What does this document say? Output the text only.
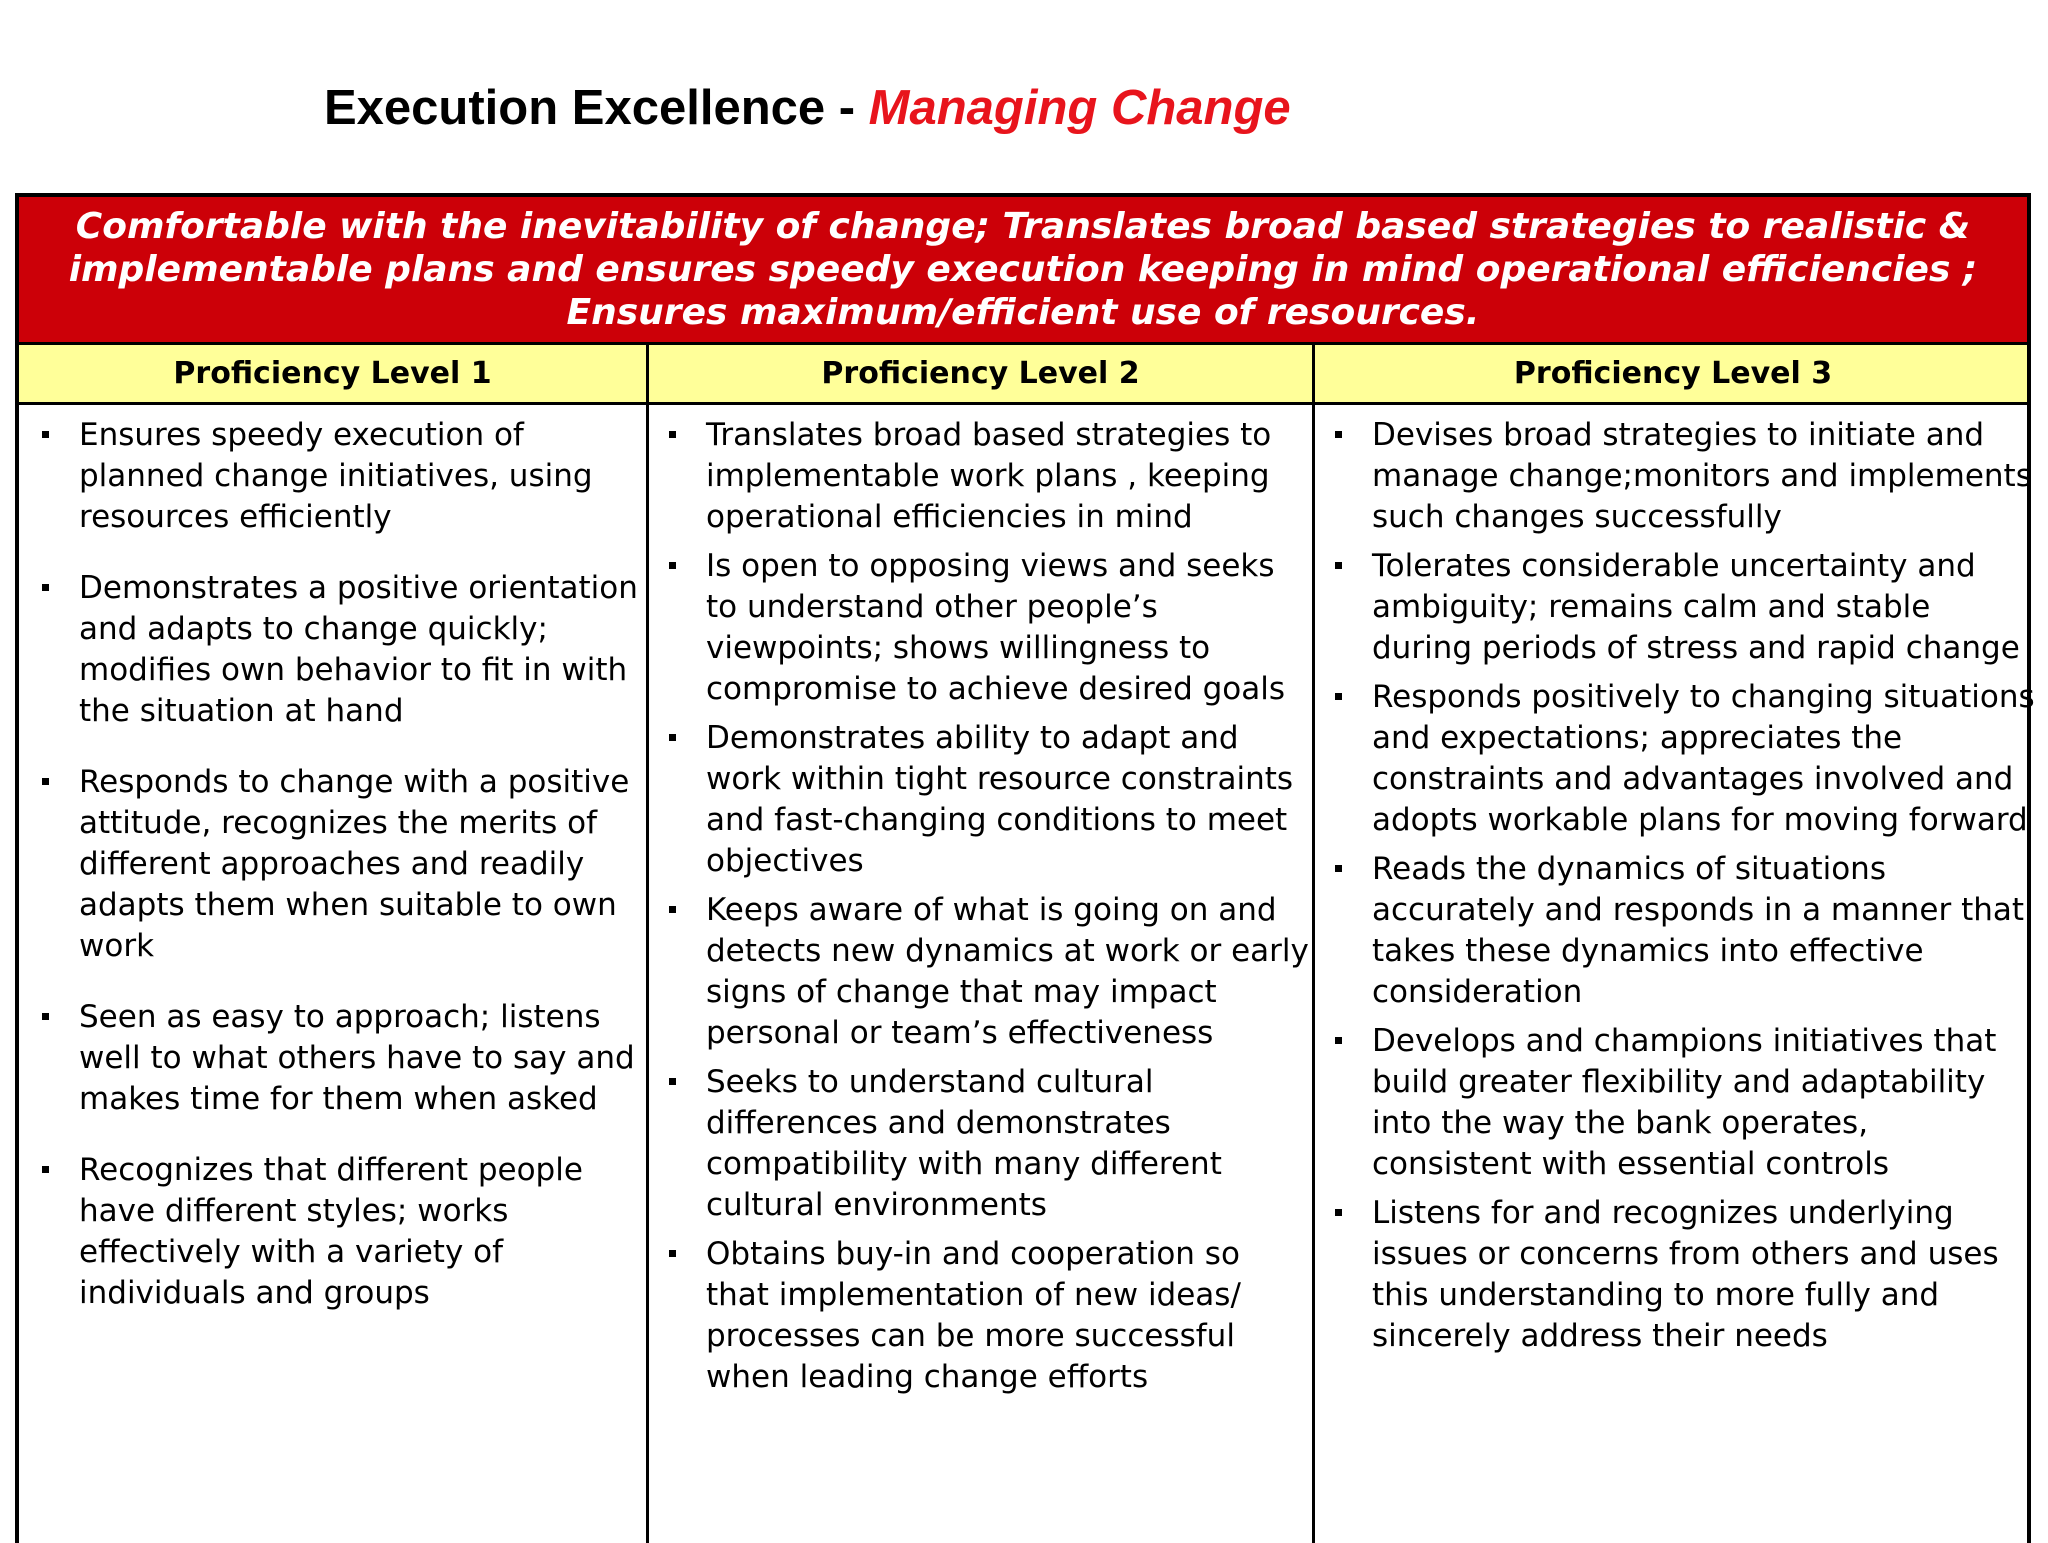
Execution Excellence - Managing Change
Comfortable with the inevitability of change; Translates broad based strategies to realistic &
implementable plans and ensures speedy execution keeping in mind operational efficiencies ;
Ensures maximum/efficient use of resources.
Proficiency Level 1	Proficiency Level 2	Proficiency Level 3
Ensures speedy execution of
planned change initiatives, using
resources efficiently
Demonstrates a positive orientation
and adapts to change quickly;
modifies own behavior to fit in with
the situation at hand
Responds to change with a positive
attitude, recognizes the merits of
different approaches and readily
adapts them when suitable to own
work
Seen as easy to approach; listens
well to what others have to say and
makes time for them when asked
Recognizes that different people
have different styles; works
effectively with a variety of
individuals and groups
Translates broad based strategies to
implementable work plans , keeping
operational efficiencies in mind
Is open to opposing views and seeks
to understand other people’s
viewpoints; shows willingness to
compromise to achieve desired goals
Demonstrates ability to adapt and
work within tight resource constraints
and fast-changing conditions to meet
objectives
Keeps aware of what is going on and
detects new dynamics at work or early
signs of change that may impact
personal or team’s effectiveness
Seeks to understand cultural
differences and demonstrates
compatibility with many different
cultural environments
Obtains buy-in and cooperation so
that implementation of new ideas/
processes can be more successful
when leading change efforts
Devises broad strategies to initiate and
manage change;monitors and implements
such changes successfully
Tolerates considerable uncertainty and
ambiguity; remains calm and stable
during periods of stress and rapid change
Responds positively to changing situations
and expectations; appreciates the
constraints and advantages involved and
adopts workable plans for moving forward
Reads the dynamics of situations
accurately and responds in a manner that
takes these dynamics into effective
consideration
Develops and champions initiatives that
build greater flexibility and adaptability
into the way the bank operates,
consistent with essential controls
Listens for and recognizes underlying
issues or concerns from others and uses
this understanding to more fully and
sincerely address their needs
